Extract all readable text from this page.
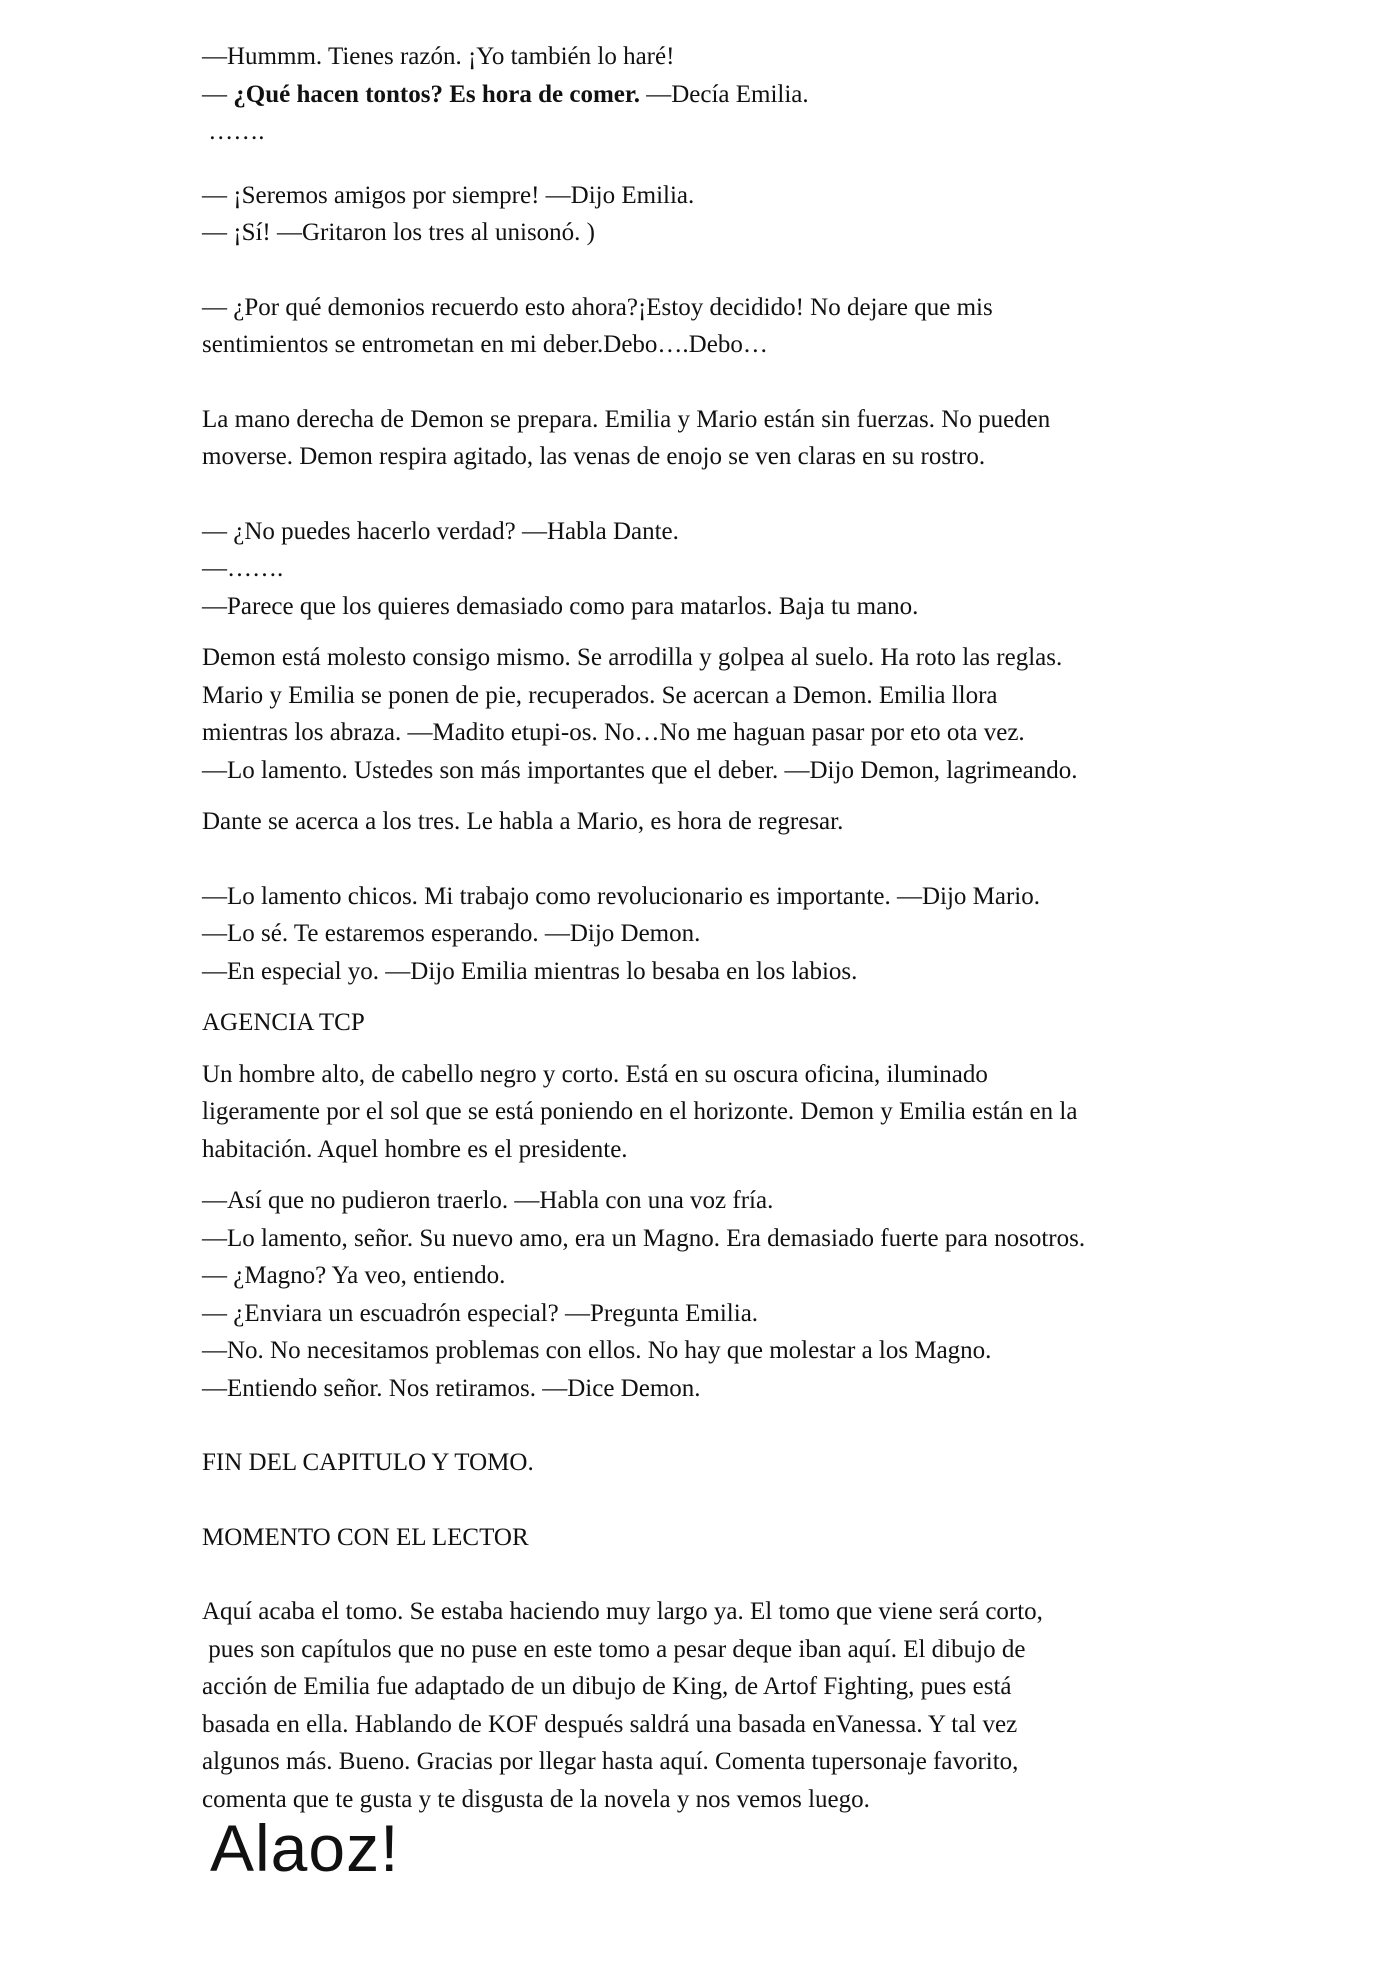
—Hummm. Tienes razón. ¡Yo también lo haré!

— ¿Qué hacen tontos? Es hora de comer. —Decía Emilia.

…….

— ¡Seremos amigos por siempre! —Dijo Emilia.

— ¡Sí! —Gritaron los tres al unisonó. )

— ¿Por qué demonios recuerdo esto ahora?¡Estoy decidido! No dejare que mis

sentimientos se entrometan en mi deber.Debo….Debo…

La mano derecha de Demon se prepara. Emilia y Mario están sin fuerzas. No pueden

moverse. Demon respira agitado, las venas de enojo se ven claras en su rostro.

— ¿No puedes hacerlo verdad? —Habla Dante.

—…….

—Parece que los quieres demasiado como para matarlos. Baja tu mano.

Demon está molesto consigo mismo. Se arrodilla y golpea al suelo. Ha roto las reglas.

Mario y Emilia se ponen de pie, recuperados. Se acercan a Demon. Emilia llora

mientras los abraza. —Madito etupi-os. No…No me haguan pasar por eto ota vez.

—Lo lamento. Ustedes son más importantes que el deber. —Dijo Demon, lagrimeando.

Dante se acerca a los tres. Le habla a Mario, es hora de regresar.

—Lo lamento chicos. Mi trabajo como revolucionario es importante. —Dijo Mario.

—Lo sé. Te estaremos esperando. —Dijo Demon.

—En especial yo. —Dijo Emilia mientras lo besaba en los labios.

AGENCIA TCP

Un hombre alto, de cabello negro y corto. Está en su oscura oficina, iluminado

ligeramente por el sol que se está poniendo en el horizonte. Demon y Emilia están en la

habitación. Aquel hombre es el presidente.

—Así que no pudieron traerlo. —Habla con una voz fría.

—Lo lamento, señor. Su nuevo amo, era un Magno. Era demasiado fuerte para nosotros.

— ¿Magno? Ya veo, entiendo.

— ¿Enviara un escuadrón especial? —Pregunta Emilia.

—No. No necesitamos problemas con ellos. No hay que molestar a los Magno.

—Entiendo señor. Nos retiramos. —Dice Demon.

FIN DEL CAPITULO Y TOMO.

MOMENTO CON EL LECTOR

Aquí acaba el tomo. Se estaba haciendo muy largo ya. El tomo que viene será corto,

pues son capítulos que no puse en este tomo a pesar deque iban aquí. El dibujo de

acción de Emilia fue adaptado de un dibujo de King, de Artof Fighting, pues está

basada en ella. Hablando de KOF después saldrá una basada enVanessa. Y tal vez

algunos más. Bueno. Gracias por llegar hasta aquí. Comenta tupersonaje favorito,

comenta que te gusta y te disgusta de la novela y nos vemos luego.

Alaoz!
